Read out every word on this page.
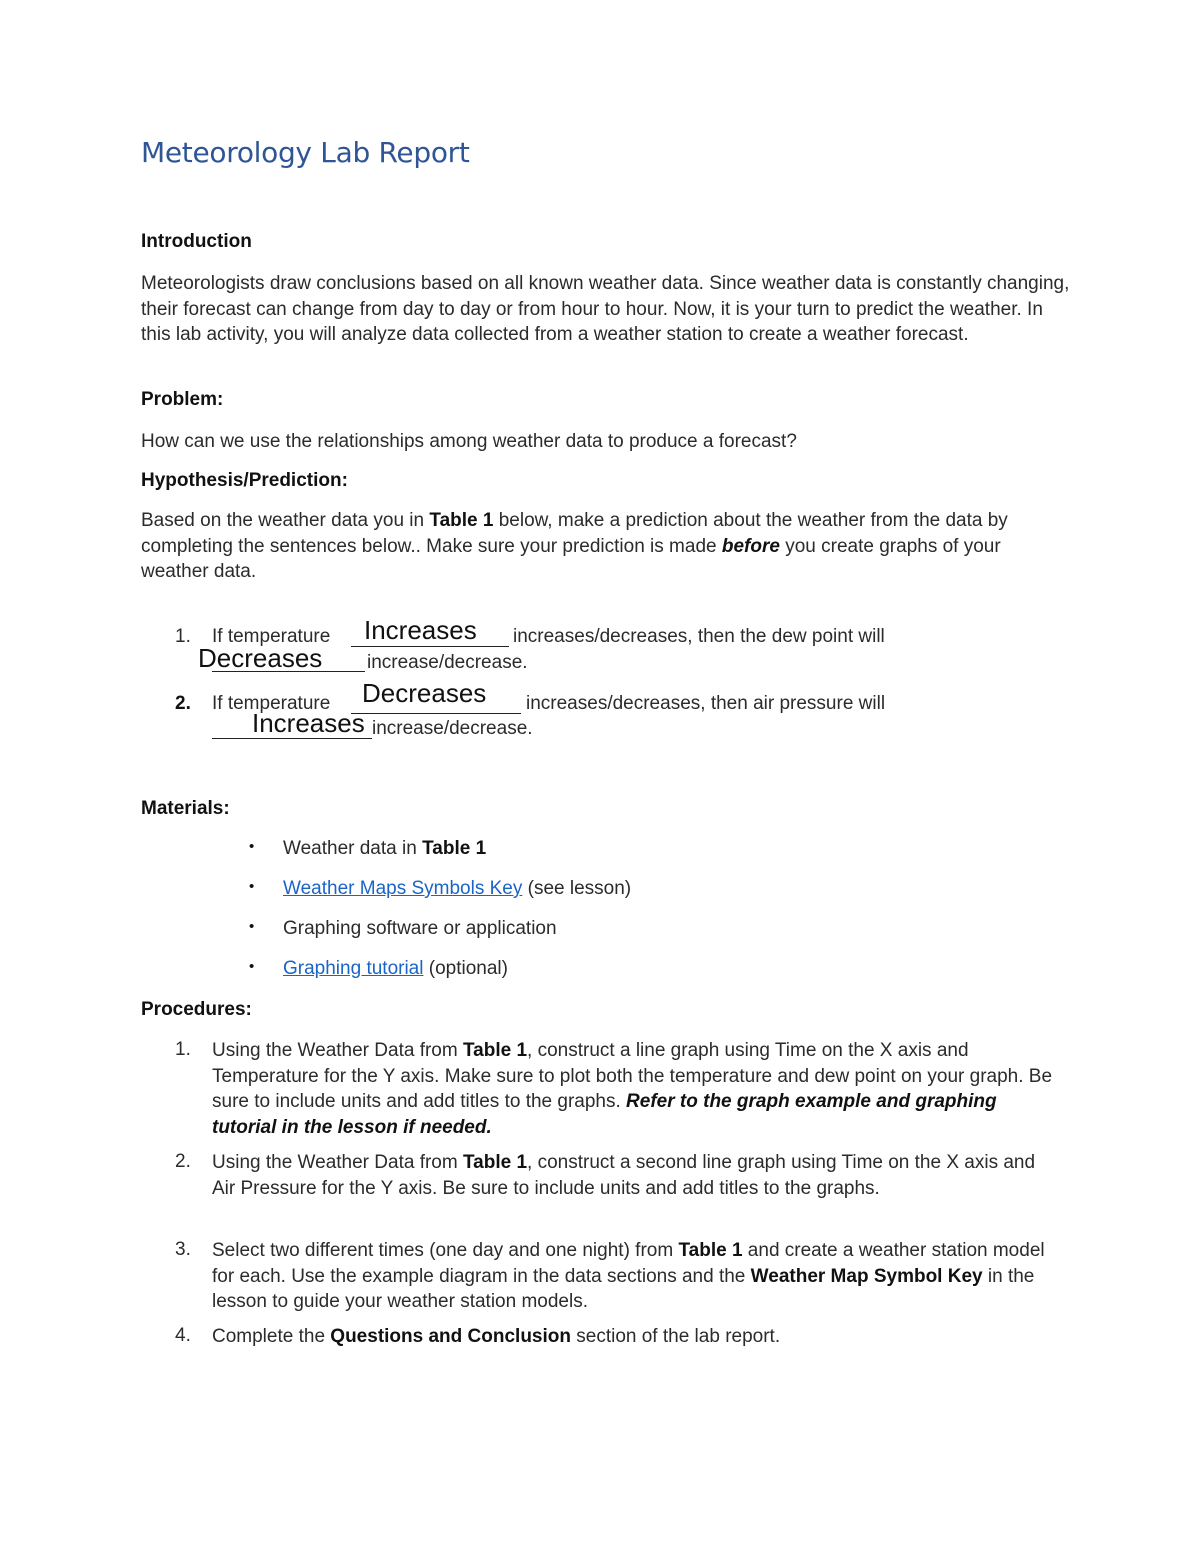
Meteorology Lab Report
Introduction
Meteorologists draw conclusions based on all known weather data. Since weather data is constantly changing, their forecast can change from day to day or from hour to hour. Now, it is your turn to predict the weather. In this lab activity, you will analyze data collected from a weather station to create a weather forecast.
Problem:
How can we use the relationships among weather data to produce a forecast?
Hypothesis/Prediction:
Based on the weather data you in Table 1 below, make a prediction about the weather from the data by completing the sentences below.. Make sure your prediction is made before you create graphs of your weather data.
1. If temperature Increases increases/decreases, then the dew point will
Decreases increase/decrease.
2. If temperature Decreases increases/decreases, then air pressure will
Increases increase/decrease.
Materials:
• Weather data in Table 1
• Weather Maps Symbols Key (see lesson)
• Graphing software or application
• Graphing tutorial (optional)
Procedures:
1. Using the Weather Data from Table 1, construct a line graph using Time on the X axis and Temperature for the Y axis. Make sure to plot both the temperature and dew point on your graph. Be sure to include units and add titles to the graphs. Refer to the graph example and graphing tutorial in the lesson if needed.
2. Using the Weather Data from Table 1, construct a second line graph using Time on the X axis and Air Pressure for the Y axis. Be sure to include units and add titles to the graphs.
3. Select two different times (one day and one night) from Table 1 and create a weather station model for each. Use the example diagram in the data sections and the Weather Map Symbol Key in the lesson to guide your weather station models.
4. Complete the Questions and Conclusion section of the lab report.
